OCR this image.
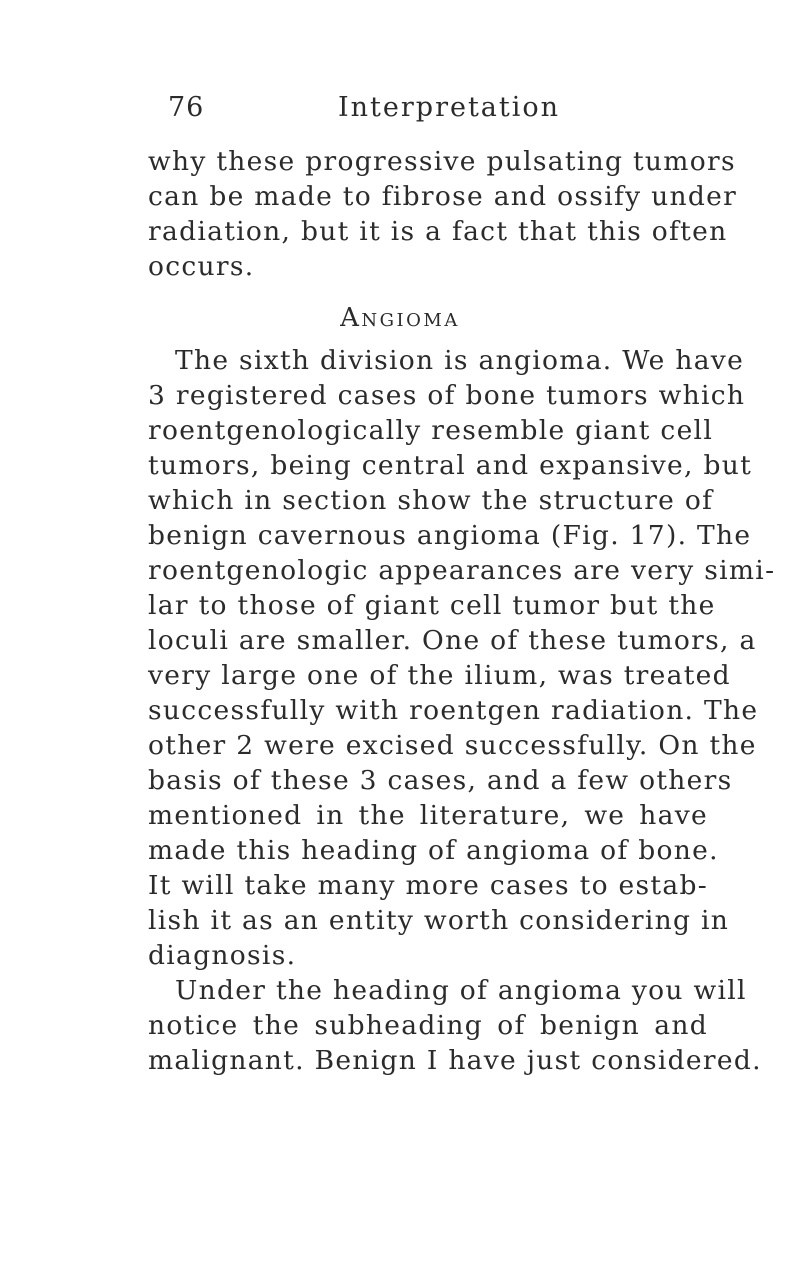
76	Interpretation
why these progressive pulsating tumors
can be made to fibrose and ossify under
radiation, but it is a fact that this often
occurs.
Angioma
The sixth division is angioma. We have
3 registered cases of bone tumors which
roentgenologically resemble giant cell
tumors, being central and expansive, but
which in section show the structure of
benign cavernous angioma (Fig. 17). The
roentgenologic appearances are very simi-
lar to those of giant cell tumor but the
loculi are smaller. One of these tumors, a
very large one of the ilium, was treated
successfully with roentgen radiation. The
other 2 were excised successfully. On the
basis of these 3 cases, and a few others
mentioned in the literature, we have
made this heading of angioma of bone.
It will take many more cases to estab-
lish it as an entity worth considering in
diagnosis.
Under the heading of angioma you will
notice the subheading of benign and
malignant. Benign I have just considered.
